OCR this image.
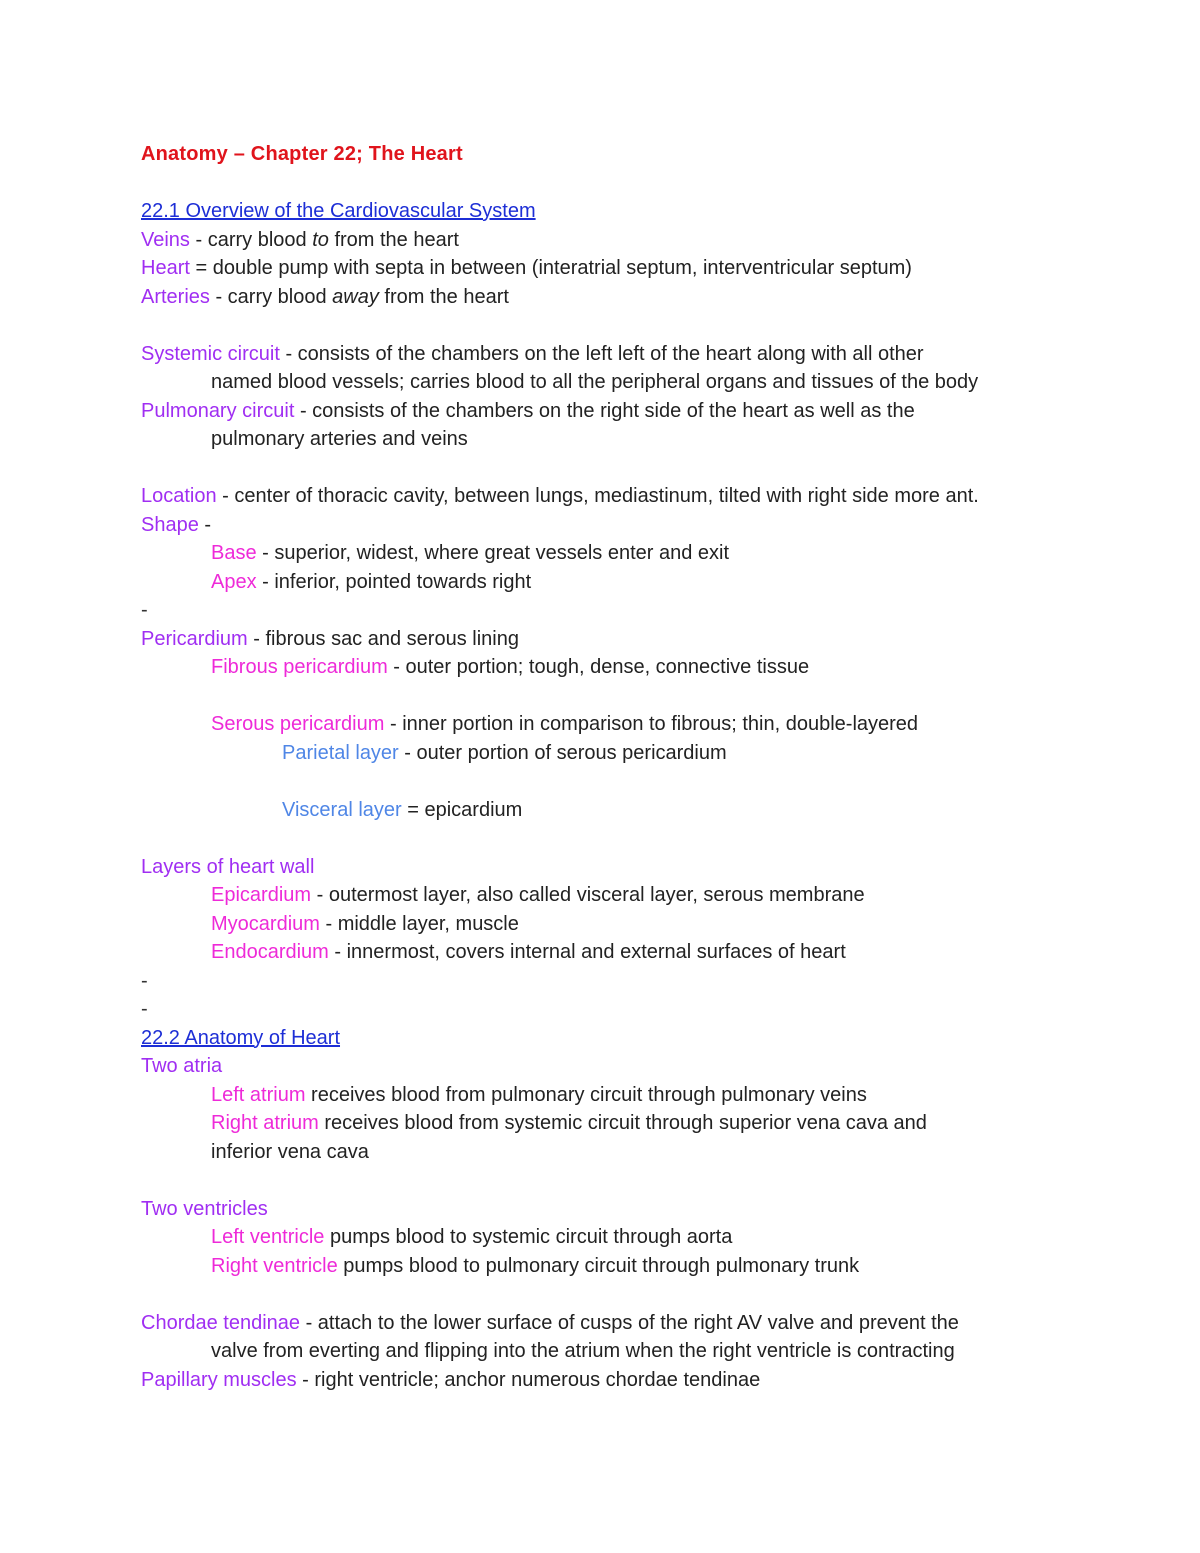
Anatomy – Chapter 22; The Heart
22.1 Overview of the Cardiovascular System
Veins - carry blood to from the heart
Heart = double pump with septa in between (interatrial septum, interventricular septum)
Arteries - carry blood away from the heart
Systemic circuit - consists of the chambers on the left left of the heart along with all other
named blood vessels; carries blood to all the peripheral organs and tissues of the body
Pulmonary circuit - consists of the chambers on the right side of the heart as well as the
pulmonary arteries and veins
Location - center of thoracic cavity, between lungs, mediastinum, tilted with right side more ant.
Shape -
Base - superior, widest, where great vessels enter and exit
Apex - inferior, pointed towards right
-
Pericardium - fibrous sac and serous lining
Fibrous pericardium - outer portion; tough, dense, connective tissue
Serous pericardium - inner portion in comparison to fibrous; thin, double-layered
Parietal layer - outer portion of serous pericardium
Visceral layer = epicardium
Layers of heart wall
Epicardium - outermost layer, also called visceral layer, serous membrane
Myocardium - middle layer, muscle
Endocardium - innermost, covers internal and external surfaces of heart
-
-
22.2 Anatomy of Heart
Two atria
Left atrium receives blood from pulmonary circuit through pulmonary veins
Right atrium receives blood from systemic circuit through superior vena cava and
inferior vena cava
Two ventricles
Left ventricle pumps blood to systemic circuit through aorta
Right ventricle pumps blood to pulmonary circuit through pulmonary trunk
Chordae tendinae - attach to the lower surface of cusps of the right AV valve and prevent the
valve from everting and flipping into the atrium when the right ventricle is contracting
Papillary muscles - right ventricle; anchor numerous chordae tendinae
